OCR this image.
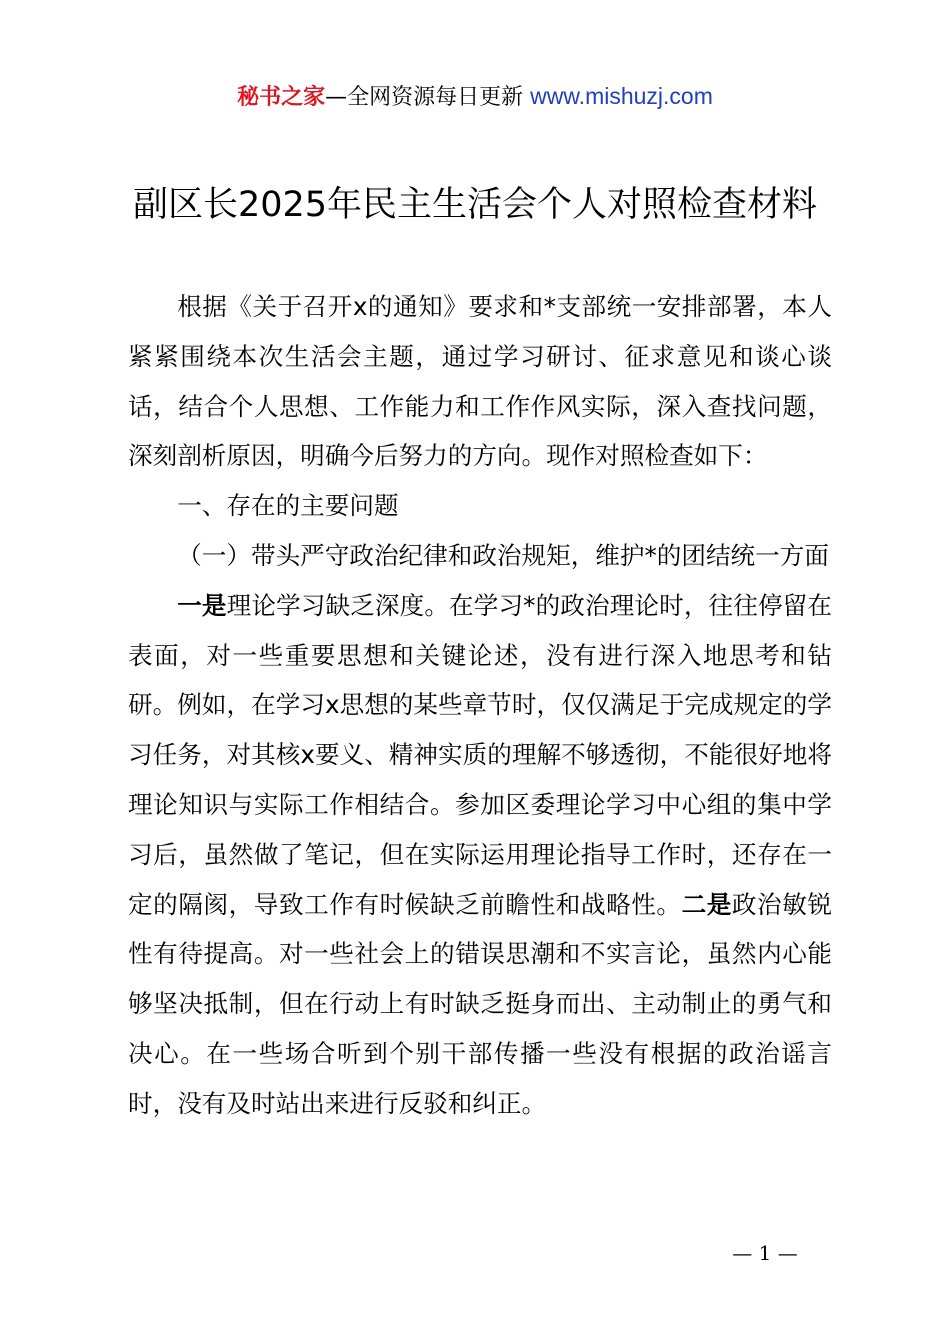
秘书之家—全网资源每日更新 www.mishuzj.com
副区长2025年民主生活会个人对照检查材料

根据《关于召开x的通知》要求和*支部统一安排部署，本人紧紧围绕本次生活会主题，通过学习研讨、征求意见和谈心谈话，结合个人思想、工作能力和工作作风实际，深入查找问题，深刻剖析原因，明确今后努力的方向。现作对照检查如下：

一、存在的主要问题

（一）带头严守政治纪律和政治规矩，维护*的团结统一方面

一是理论学习缺乏深度。在学习*的政治理论时，往往停留在表面，对一些重要思想和关键论述，没有进行深入地思考和钻研。例如，在学习x思想的某些章节时，仅仅满足于完成规定的学习任务，对其核x要义、精神实质的理解不够透彻，不能很好地将理论知识与实际工作相结合。参加区委理论学习中心组的集中学习后，虽然做了笔记，但在实际运用理论指导工作时，还存在一定的隔阂，导致工作有时候缺乏前瞻性和战略性。二是政治敏锐性有待提高。对一些社会上的错误思潮和不实言论，虽然内心能够坚决抵制，但在行动上有时缺乏挺身而出、主动制止的勇气和决心。在一些场合听到个别干部传播一些没有根据的政治谣言时，没有及时站出来进行反驳和纠正。

— 1 —
